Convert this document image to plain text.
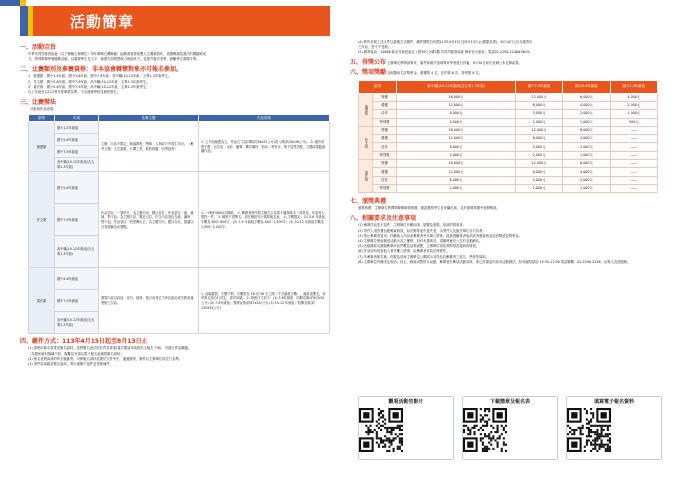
活動簡章
一、活動宗旨
中華安得烈慈善協會（以下簡稱主辦單位）每年舉辦台灣鄉鎮、偏鄉書寫探索雙人生閱讀寫作，表揚鄉鎮及書法的興趣與成
力，特別舉辦學藝競賽活動，以激發學生在文字、繪畫方面的想像力與創作力，並提升書法美學，鼓勵學生發揮才華。
二、比賽類別及參賽資格：非本協會轉懷對象亦可報名參加。
1．繪畫類：國小1-4年級、國小5-6年級、國中7-9年級、高中職(10-12年級、五專1-3年級學生。
2．作文類：國小5-6年級、國中7-9年級、高中職(10-12年級、五專1-3年級學生。
3．書法類：國小5-6年級、國中7-9年級、高中職(10-12年級、五專1-3年級學生。
以上年級皆以112學年度畢業為準，不含進修學校及補校學生。
三、比賽辦法
分組與作品表現：
類別	年級	比賽主題	作品規格
繪畫類	國小1-4年級組	主題：內容不限定，無論靜物、想像、人物或戶外寫生均可。（參考主題：大空書畫、台灣之美、我的校園、四季風景）	1. 立平面繪畫為主，作品尺寸為四開(約38x52公分)或八開(約26x38公分)。 2. 創作材質不限：包含彩、水彩、蠟筆、廣告顏料、粉彩…等皆可，惟不接受剪貼、立體或電腦繪圖作品。
	國小5-6年級組		
	國中7-9年級組		
	高中職(10-12年級組(含五專1-3年級)		
作文類	國小5-6年級組	作品須以「一領把火」為主題方向，題目自訂。作品須以「讀、讀讀、對不起」為主題方向，題目自訂，作文內容須包含誠、謙卑、對不起。作品須以「把愛傳出去」為主題方向，題目自訂，建議以自身經驗為出發點。	1. 一律使用600字稿紙。 2. 參賽者將所寫文稿打字為電子檔與紙本一同寄送，作品每人限投一件。 3. 稿紙不得署名，須在稿紙另行填寫報名表。 4. 字數限定：(1) 5-6 年級組字數為 600~800字。(2) 7-9 年級組字數為 800~1,200字。(3) 10-12 年級組字數為 1,500~2,000字。
	國中7-9年級組		
	高中職(10-12年級組(含五專1-3年級)		
書法類	國小5-6年級組	書寫內容以詩詞、佳句、經典、格言或其它不涉及政治或宗教意識型態之內容。	1. 直幅書寫，字體不拘，字數需在 16 至 56 字之間（不含落款字數），落款須署名，用印與否請自行決定，請勿用錯。 2. 紙張尺寸如下：(1) 5-6年級組：四開宣紙(約67X34公分) (2) 7-9年級組：對開宣紙(約67X34公分) (3) 10-12 年級組：對開宣紙(約135X34公分)
	國中7-9年級組		
	高中職(10-12年級組(含五專1-3年級)		
四、繳件方式：113年4月15日起至8月13日止
(1) 請使用報名表寄送報名資料，並將報名表浮貼於作品背面/書法類請用淡紙於文稿右下角)，勿超出作品範圍。
（為避免資料損壞不易，脫離及外再以電子報名表填寫報名資料）
(2) 報名者將資料附齊全後郵寄，可將報名資料放置於文件夾中，通過郵寄，郵件以主辦單位收訖日為準。
(3) 寄件前請確認報名資訊，寄出後概不退件及受理補件。
(4) 將作品與上述文件以掛號方式繳件，繳件期限自民國113年4月15日至8月13日止(郵戳為憑)，6月14日(含)以後寄出
之作品，恕不予受理。
(5) 郵寄資訊：24886 新北市新莊區五工路99之2號5樓 安得烈慈善協會 梅家怡小姐收，電話02-2290-2248#5619。
五、得獎公布 主辦單位將聘請專家，審件和書法領域專家學者進行評審，9月30日前於官網公布比賽結果。
六、獎項獎勵 各組錄取名次獎學金、優選獎 4 名、佳作獎 6 名、特別獎 8 名。
組別		高中(職)10-12年級組(含五專1-3年級)	國中7-9年級組	國小5-6年級組	國小1-4年級組
繪畫組	特優	16,000元	12,000元	6,000元	4,000元
	優選	12,000元	6,000元	4,000元	2,000元
	佳作	8,000元	5,000元	2,000元	1,000元
	特別獎	4,000元	2,000元	1,000元	500元
作文組	特優	16,000元	12,000元	6,000元	——
	優選	12,000元	6,000元	4,000元	——
	佳作	8,000元	5,000元	2,000元	——
	特別獎	4,000元	2,000元	1,000元	——
書法組	特優	16,000元	12,000元	6,000元	——
	優選	12,000元	6,000元	4,000元	——
	佳作	8,000元	5,000元	2,000元	——
	特別獎	4,000元	2,000元	1,000元	——
七、頒獎典禮
頒獎典禮：主辦單位將擇期舉辦頒獎典禮，邀請獲獎學生及家屬出席，並於頒獎典禮中頒發獎狀。
八、相關要求及注意事項
(1) 參賽作品恕不退件，主辦單位有權出版、展覽及複製、取消的情事者。
(2) 寄件人須答署包裹郵資無誤，如於郵寄途中遺失者，由寄件人及擔任單位自行負責。
(3) 禁止參賽者冒用、抄襲他人作品或參賽者有代筆之情事，經查證屬實者取消其得獎資格並追回獎狀及獎學金。
(4) 主辦單位保留修改活動內容之權利，如有未盡事宜，得隨時補充公告於活動網站。
(5) 各組錄取名額視參賽作品件數及品質調整，主辦單位得依實際情況從缺或增加。
(6) 作品如有侵害他人著作權之情事，由參賽者自負法律責任。
(7) 凡參賽者報名後，即視為同意主辦單位公開展示其作品及參賽者之姓名、學校等資料。
(8) 主辦單位有權決定取消、終止、修改或暫停本活動，參賽者於參加活動同時，即已詳讀並同意本活動辦法，如有疑問請洽 13:30-17:00 電話聯繫：02-2290-2248，由專人為您服務。
觀看活動官影片	下載簡章及報名表	填寫電子報名資料
